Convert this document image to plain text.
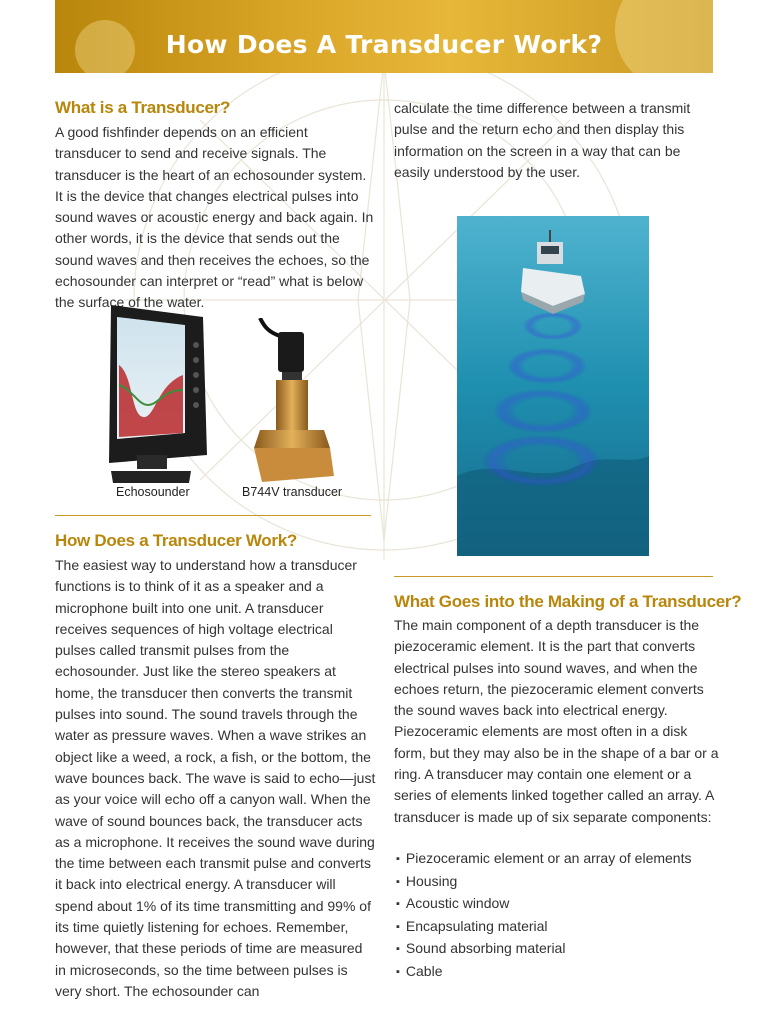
How Does A Transducer Work?
What is a Transducer?

A good fishfinder depends on an efficient transducer to send and receive signals. The transducer is the heart of an echosounder system. It is the device that changes electrical pulses into sound waves or acoustic energy and back again. In other words, it is the device that sends out the sound waves and then receives the echoes, so the echosounder can interpret or “read” what is below the surface of the water.

calculate the time difference between a transmit pulse and the return echo and then display this information on the screen in a way that can be easily understood by the user.

Echosounder	B744V transducer
How Does a Transducer Work?

The easiest way to understand how a transducer functions is to think of it as a speaker and a microphone built into one unit. A transducer receives sequences of high voltage electrical pulses called transmit pulses from the echosounder. Just like the stereo speakers at home, the transducer then converts the transmit pulses into sound. The sound travels through the water as pressure waves. When a wave strikes an object like a weed, a rock, a fish, or the bottom, the wave bounces back. The wave is said to echo—just as your voice will echo off a canyon wall. When the wave of sound bounces back, the transducer acts as a microphone. It receives the sound wave during the time between each transmit pulse and converts it back into electrical energy. A transducer will spend about 1% of its time transmitting and 99% of its time quietly listening for echoes. Remember, however, that these periods of time are measured in microseconds, so the time between pulses is very short. The echosounder can

What Goes into the Making of a Transducer?

The main component of a depth transducer is the piezoceramic element. It is the part that converts electrical pulses into sound waves, and when the echoes return, the piezoceramic element converts the sound waves back into electrical energy. Piezoceramic elements are most often in a disk form, but they may also be in the shape of a bar or a ring. A transducer may contain one element or a series of elements linked together called an array. A transducer is made up of six separate components:

▪ Piezoceramic element or an array of elements
▪ Housing
▪ Acoustic window
▪ Encapsulating material
▪ Sound absorbing material
▪ Cable
